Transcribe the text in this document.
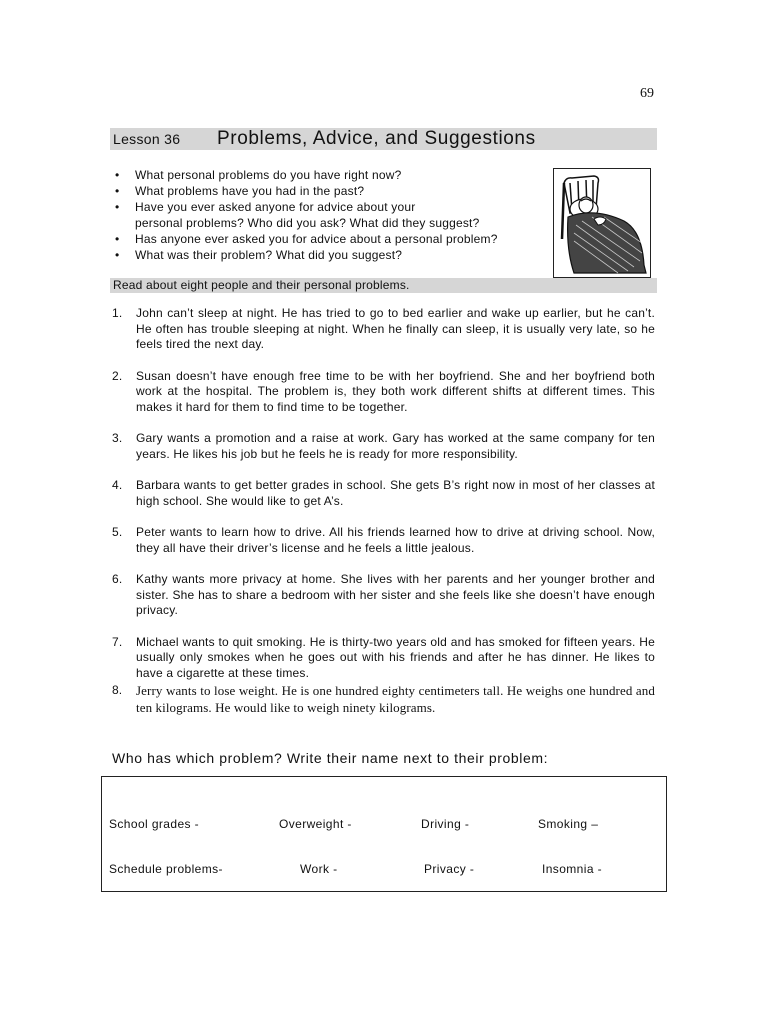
69
Lesson 36	Problems, Advice, and Suggestions
• What personal problems do you have right now?
• What problems have you had in the past?
• Have you ever asked anyone for advice about your
personal problems? Who did you ask? What did they suggest?
• Has anyone ever asked you for advice about a personal problem?
• What was their problem? What did you suggest?
Read about eight people and their personal problems.
1. John can’t sleep at night. He has tried to go to bed earlier and wake up earlier, but he can’t. He often has trouble sleeping at night. When he finally can sleep, it is usually very late, so he feels tired the next day.
2. Susan doesn’t have enough free time to be with her boyfriend. She and her boyfriend both work at the hospital. The problem is, they both work different shifts at different times. This makes it hard for them to find time to be together.
3. Gary wants a promotion and a raise at work. Gary has worked at the same company for ten years. He likes his job but he feels he is ready for more responsibility.
4. Barbara wants to get better grades in school. She gets B’s right now in most of her classes at high school. She would like to get A’s.
5. Peter wants to learn how to drive. All his friends learned how to drive at driving school. Now, they all have their driver’s license and he feels a little jealous.
6. Kathy wants more privacy at home. She lives with her parents and her younger brother and sister. She has to share a bedroom with her sister and she feels like she doesn’t have enough privacy.
7. Michael wants to quit smoking. He is thirty-two years old and has smoked for fifteen years. He usually only smokes when he goes out with his friends and after he has dinner. He likes to have a cigarette at these times.
8. Jerry wants to lose weight. He is one hundred eighty centimeters tall. He weighs one hundred and ten kilograms. He would like to weigh ninety kilograms.
Who has which problem? Write their name next to their problem:
School grades -	Overweight -	Driving -	Smoking –
Schedule problems-	Work -	Privacy -	Insomnia -
